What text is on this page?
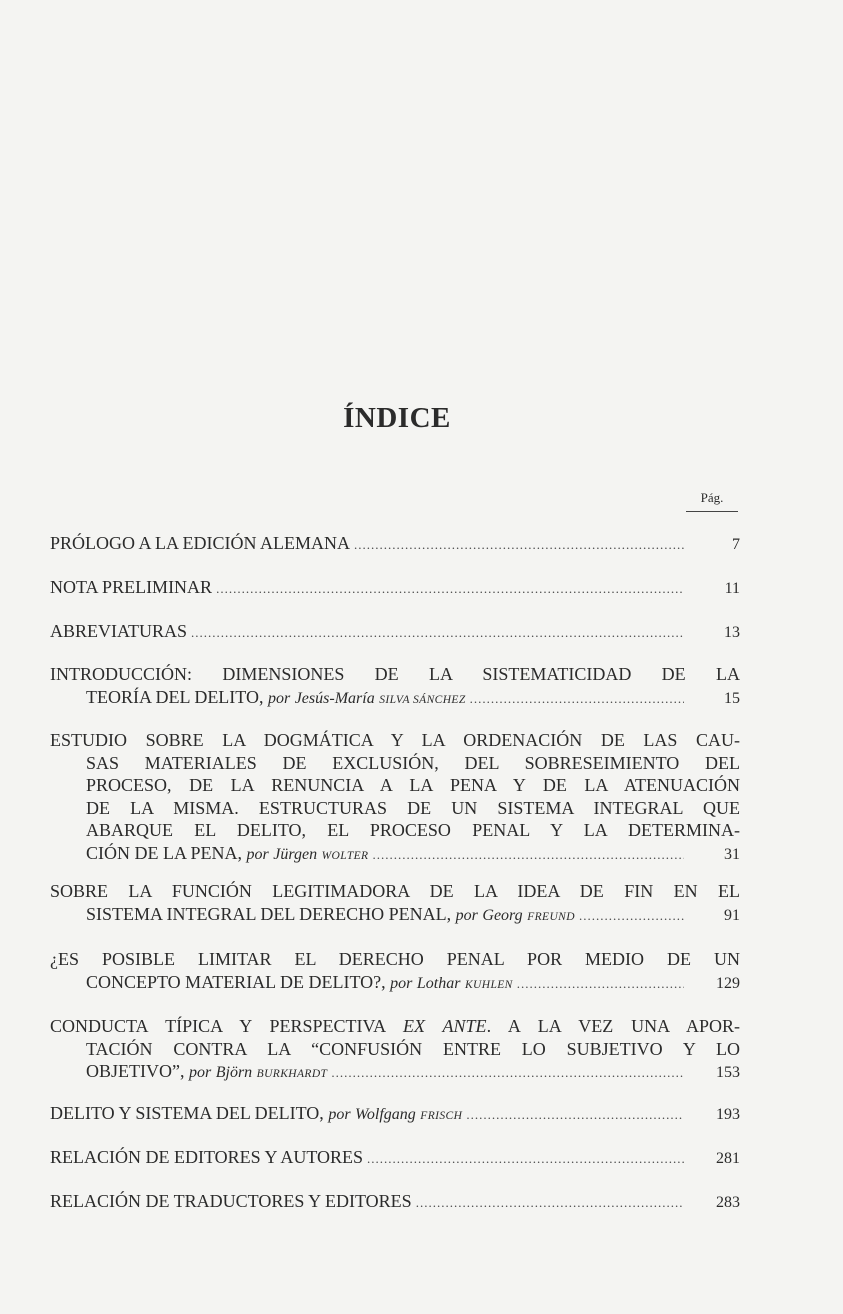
ÍNDICE
Pág.
PRÓLOGO A LA EDICIÓN ALEMANA .....	7
NOTA PRELIMINAR .....	11
ABREVIATURAS .....	13
INTRODUCCIÓN: DIMENSIONES DE LA SISTEMATICIDAD DE LA
TEORÍA DEL DELITO, por Jesús-María SILVA SÁNCHEZ .....	15
ESTUDIO SOBRE LA DOGMÁTICA Y LA ORDENACIÓN DE LAS CAU-
SAS MATERIALES DE EXCLUSIÓN, DEL SOBRESEIMIENTO DEL
PROCESO, DE LA RENUNCIA A LA PENA Y DE LA ATENUACIÓN
DE LA MISMA. ESTRUCTURAS DE UN SISTEMA INTEGRAL QUE
ABARQUE EL DELITO, EL PROCESO PENAL Y LA DETERMINA-
CIÓN DE LA PENA, por Jürgen WOLTER .....	31
SOBRE LA FUNCIÓN LEGITIMADORA DE LA IDEA DE FIN EN EL
SISTEMA INTEGRAL DEL DERECHO PENAL, por Georg FREUND .....	91
¿ES POSIBLE LIMITAR EL DERECHO PENAL POR MEDIO DE UN
CONCEPTO MATERIAL DE DELITO?, por Lothar KUHLEN .....	129
CONDUCTA TÍPICA Y PERSPECTIVA EX ANTE. A LA VEZ UNA APOR-
TACIÓN CONTRA LA “CONFUSIÓN ENTRE LO SUBJETIVO Y LO
OBJETIVO”, por Björn BURKHARDT .....	153
DELITO Y SISTEMA DEL DELITO, por Wolfgang FRISCH .....	193
RELACIÓN DE EDITORES Y AUTORES .....	281
RELACIÓN DE TRADUCTORES Y EDITORES .....	283
